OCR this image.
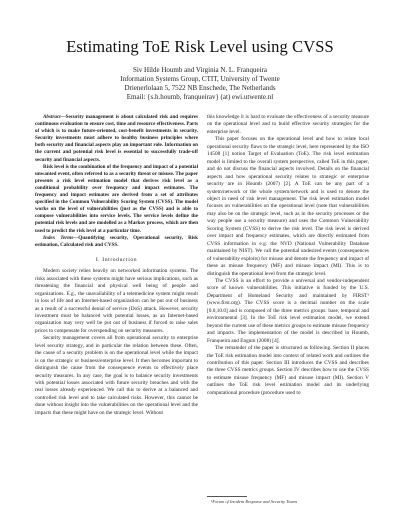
Estimating ToE Risk Level using CVSS
Siv Hilde Houmb and Virginia N. L. Franqueira
Information Systems Group, CTIT, University of Twente
Drienerlolaan 5, 7522 NB Enschede, The Netherlands
Email: {s.h.houmb, franqueirav} (at) ewi.utwente.nl

Abstract—Security management is about calculated risk and requires continuous evaluation to ensure cost, time and resource effectiveness. Parts of which is to make future-oriented, cost-benefit investments in security. Security investments must adhere to healthy business principles where both security and financial aspects play an important role. Information on the current and potential risk level is essential to successfully trade-off security and financial aspects.

Risk level is the combination of the frequency and impact of a potential unwanted event, often referred to as a security threat or misuse. The paper presents a risk level estimation model that derives risk level as a conditional probability over frequency and impact estimates. The frequency and impact estimates are derived from a set of attributes specified in the Common Vulnerability Scoring System (CVSS). The model works on the level of vulnerabilities (just as the CVSS) and is able to compose vulnerabilities into service levels. The service levels define the potential risk levels and are modelled as a Markov process, which are then used to predict the risk level at a particular time.

Index Terms—Quantifying security, Operational security, Risk estimation, Calculated risk and CVSS.

I. Introduction

Modern society relies heavily on networked information systems. The risks associated with these systems might have serious implications, such as threatening the financial and physical well being of people and organizations. E.g., the unavailability of a telemedicine system might result in loss of life and an Internet-based organization can be put out of business as a result of a successful denial of service (DoS) attack. However, security investment must be balanced with potential losses, as an Internet-based organization may very well be put out of business if forced to raise sales prices to compensate for overspending on security measures.

Security management covers all from operational security to enterprise level security strategy, and in particular the relation between these. Often, the cause of a security problem is on the operational level while the impact is on the strategic or business/enterprise level. It then becomes important to distinguish the cause from the consequence events to effectively place security measures. In any case, the goal is to balance security investments with potential losses associated with future security breaches and with the real losses already experienced. We call this to derive at a balanced and controlled risk level and to take calculated risks. However, this cannot be done without insight into the vulnerabilities on the operational level and the impacts that these might have on the strategic level. Without

this knowledge it is hard to evaluate the effectiveness of a security measure on the operational level and to build effective security strategies for the enterprise level.

This paper focuses on the operational level and how to relate local operational security flaws to the strategic level, here represented by the ISO 14508 [1] notion Target of Evaluation (ToE). The risk level estimation model is limited to the overall system perspective, called ToE in this paper, and do not discuss the financial aspects involved. Details on the financial aspects and how operational security relates to strategic or enterprise security are in Houmb (2007) [2]. A ToE can be any part of a system/network or the whole system/network and is used to denote the object in need of risk level management. The risk level estimation model focuses on vulnerabilities on the operational level (note that vulnerabilities may also be on the strategic level, such as in the security processes or the way people use a security measure) and uses the Common Vulnerability Scoring System (CVSS) to derive the risk level. The risk level is derived over impact and frequency estimates, which are directly estimated from CVSS information in e.g. the NVD (National Vulnerability Database maintained by NIST). We call the potential undesired events (consequences of vulnerability exploits) for misuse and denote the frequency and impact of these as misuse frequency (MF) and misuse impact (MI). This is to distinguish the operational level from the strategic level.

The CVSS is an effort to provide a universal and vendor-independent score of known vulnerabilities. This initiative is funded by the U.S. Department of Homeland Security and maintained by FIRST¹ (www.first.org). The CVSS score is a decimal number on the scale [0.0,10.0] and is composed of the three metrics groups: base, temporal and environmental [3]. In the ToE risk level estimation model, we extend beyond the current use of these metrics groups to estimate misuse frequency and impacts. The implementation of the model is described in Houmb, Franqueira and Engum (2008) [4].

The remainder of the paper is structured as following. Section II places the ToE risk estimation model into context of related work and outlines the contribution of this paper. Section III introduces the CVSS and describes the three CVSS metrics groups. Section IV describes how to use the CVSS to estimate misuse frequency (MF) and misuse impact (MI). Section V outlines the ToE risk level estimation model and its underlying computational procedure (procedure used to

¹Forum of Incident Response and Security Teams
